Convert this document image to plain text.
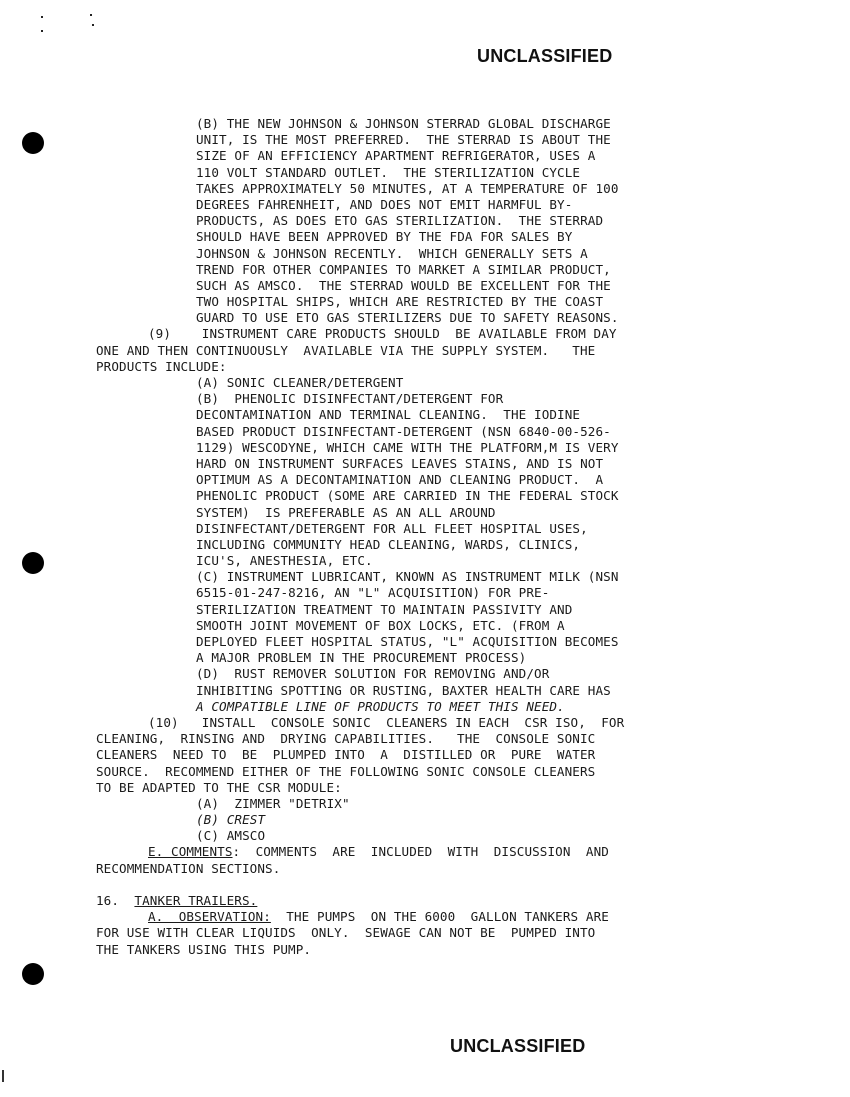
UNCLASSIFIED
(B) THE NEW JOHNSON & JOHNSON STERRAD GLOBAL DISCHARGE
UNIT, IS THE MOST PREFERRED.  THE STERRAD IS ABOUT THE
SIZE OF AN EFFICIENCY APARTMENT REFRIGERATOR, USES A
110 VOLT STANDARD OUTLET.  THE STERILIZATION CYCLE
TAKES APPROXIMATELY 50 MINUTES, AT A TEMPERATURE OF 100
DEGREES FAHRENHEIT, AND DOES NOT EMIT HARMFUL BY-
PRODUCTS, AS DOES ETO GAS STERILIZATION.  THE STERRAD
SHOULD HAVE BEEN APPROVED BY THE FDA FOR SALES BY
JOHNSON & JOHNSON RECENTLY.  WHICH GENERALLY SETS A
TREND FOR OTHER COMPANIES TO MARKET A SIMILAR PRODUCT,
SUCH AS AMSCO.  THE STERRAD WOULD BE EXCELLENT FOR THE
TWO HOSPITAL SHIPS, WHICH ARE RESTRICTED BY THE COAST
GUARD TO USE ETO GAS STERILIZERS DUE TO SAFETY REASONS.
(9)    INSTRUMENT CARE PRODUCTS SHOULD  BE AVAILABLE FROM DAY
ONE AND THEN CONTINUOUSLY  AVAILABLE VIA THE SUPPLY SYSTEM.   THE
PRODUCTS INCLUDE:
(A) SONIC CLEANER/DETERGENT
(B)  PHENOLIC DISINFECTANT/DETERGENT FOR
DECONTAMINATION AND TERMINAL CLEANING.  THE IODINE
BASED PRODUCT DISINFECTANT-DETERGENT (NSN 6840-00-526-
1129) WESCODYNE, WHICH CAME WITH THE PLATFORM,M IS VERY
HARD ON INSTRUMENT SURFACES LEAVES STAINS, AND IS NOT
OPTIMUM AS A DECONTAMINATION AND CLEANING PRODUCT.  A
PHENOLIC PRODUCT (SOME ARE CARRIED IN THE FEDERAL STOCK
SYSTEM)  IS PREFERABLE AS AN ALL AROUND
DISINFECTANT/DETERGENT FOR ALL FLEET HOSPITAL USES,
INCLUDING COMMUNITY HEAD CLEANING, WARDS, CLINICS,
ICU'S, ANESTHESIA, ETC.
(C) INSTRUMENT LUBRICANT, KNOWN AS INSTRUMENT MILK (NSN
6515-01-247-8216, AN "L" ACQUISITION) FOR PRE-
STERILIZATION TREATMENT TO MAINTAIN PASSIVITY AND
SMOOTH JOINT MOVEMENT OF BOX LOCKS, ETC. (FROM A
DEPLOYED FLEET HOSPITAL STATUS, "L" ACQUISITION BECOMES
A MAJOR PROBLEM IN THE PROCUREMENT PROCESS)
(D)  RUST REMOVER SOLUTION FOR REMOVING AND/OR
INHIBITING SPOTTING OR RUSTING, BAXTER HEALTH CARE HAS
A COMPATIBLE LINE OF PRODUCTS TO MEET THIS NEED.
(10)   INSTALL  CONSOLE SONIC  CLEANERS IN EACH  CSR ISO,  FOR
CLEANING,  RINSING AND  DRYING CAPABILITIES.   THE  CONSOLE SONIC
CLEANERS  NEED TO  BE  PLUMPED INTO  A  DISTILLED OR  PURE  WATER
SOURCE.  RECOMMEND EITHER OF THE FOLLOWING SONIC CONSOLE CLEANERS
TO BE ADAPTED TO THE CSR MODULE:
(A)  ZIMMER "DETRIX"
(B) CREST
(C) AMSCO
E. COMMENTS:  COMMENTS  ARE  INCLUDED  WITH  DISCUSSION  AND
RECOMMENDATION SECTIONS.
16.  TANKER TRAILERS.
A.  OBSERVATION:  THE PUMPS  ON THE 6000  GALLON TANKERS ARE
FOR USE WITH CLEAR LIQUIDS  ONLY.  SEWAGE CAN NOT BE  PUMPED INTO
THE TANKERS USING THIS PUMP.
UNCLASSIFIED
